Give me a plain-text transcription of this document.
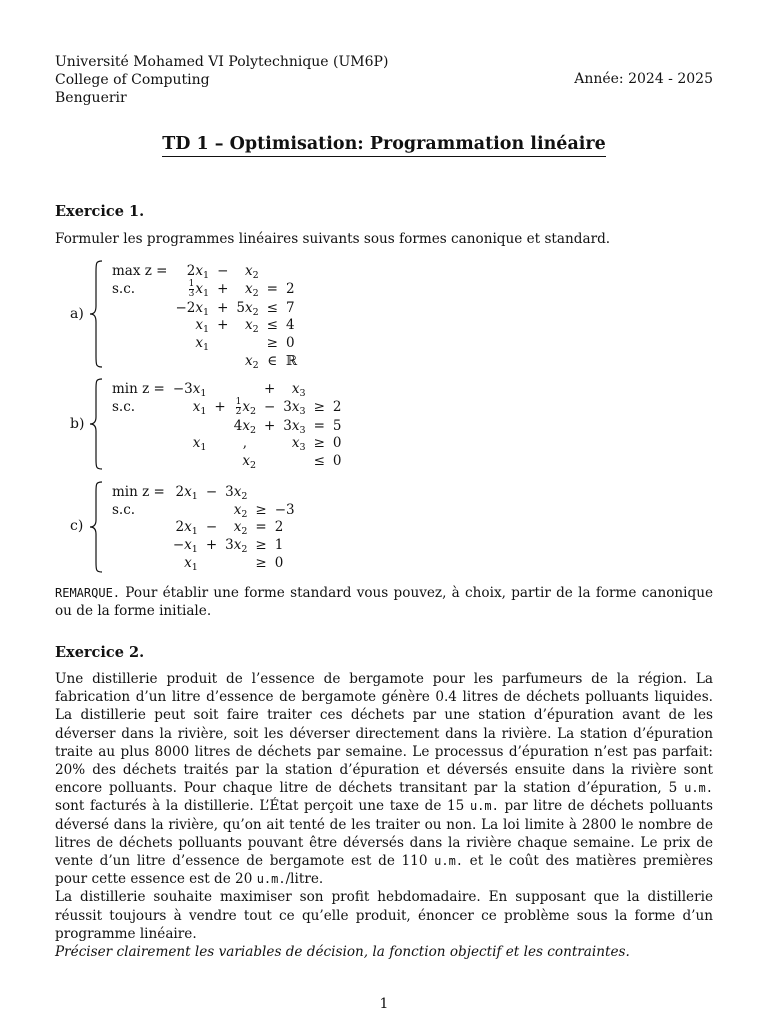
Université Mohamed VI Polytechnique (UM6P)
College of Computing
Benguerir
Année: 2024 - 2025
TD 1 – Optimisation: Programmation linéaire
Exercice 1.
Formuler les programmes linéaires suivants sous formes canonique et standard.
a)
max z =	$2x_1$	−	$x_2$		
s.c.	$\frac{1}{3} x_1$	+	$x_2$	=	2
	$-2x_1$	+	$5x_2$	≤	7
	$x_1$	+	$x_2$	≤	4
	$x_1$			≥	0
			$x_2$	∈	ℝ
b)
min z =	$-3x_1$			+	$x_3$		
s.c.	$x_1$	+	$\frac{1}{2} x_2$	−	$3x_3$	≥	2
			$4x_2$	+	$3x_3$	=	5
	$x_1$		,		$x_3$	≥	0
			$x_2$			≤	0
c)
min z =	$2x_1$	−	$3x_2$		
s.c.			$x_2$	≥	−3
	$2x_1$	−	$x_2$	=	2
	$-x_1$	+	$3x_2$	≥	1
	$x_1$			≥	0
REMARQUE. Pour établir une forme standard vous pouvez, à choix, partir de la forme canonique ou de la forme initiale.
Exercice 2.
Une distillerie produit de l’essence de bergamote pour les parfumeurs de la région. La fabrication d’un litre d’essence de bergamote génère 0.4 litres de déchets polluants liquides. La distillerie peut soit faire traiter ces déchets par une station d’épuration avant de les déverser dans la rivière, soit les déverser directement dans la rivière. La station d’épuration traite au plus 8000 litres de déchets par semaine. Le processus d’épuration n’est pas parfait: 20% des déchets traités par la station d’épuration et déversés ensuite dans la rivière sont encore polluants. Pour chaque litre de déchets transitant par la station d’épuration, 5 u.m. sont facturés à la distillerie. L’État perçoit une taxe de 15 u.m. par litre de déchets polluants déversé dans la rivière, qu’on ait tenté de les traiter ou non. La loi limite à 2800 le nombre de litres de déchets polluants pouvant être déversés dans la rivière chaque semaine. Le prix de vente d’un litre d’essence de bergamote est de 110 u.m. et le coût des matières premières pour cette essence est de 20 u.m./litre.
La distillerie souhaite maximiser son profit hebdomadaire. En supposant que la distillerie réussit toujours à vendre tout ce qu’elle produit, énoncer ce problème sous la forme d’un programme linéaire.
Préciser clairement les variables de décision, la fonction objectif et les contraintes.
1
